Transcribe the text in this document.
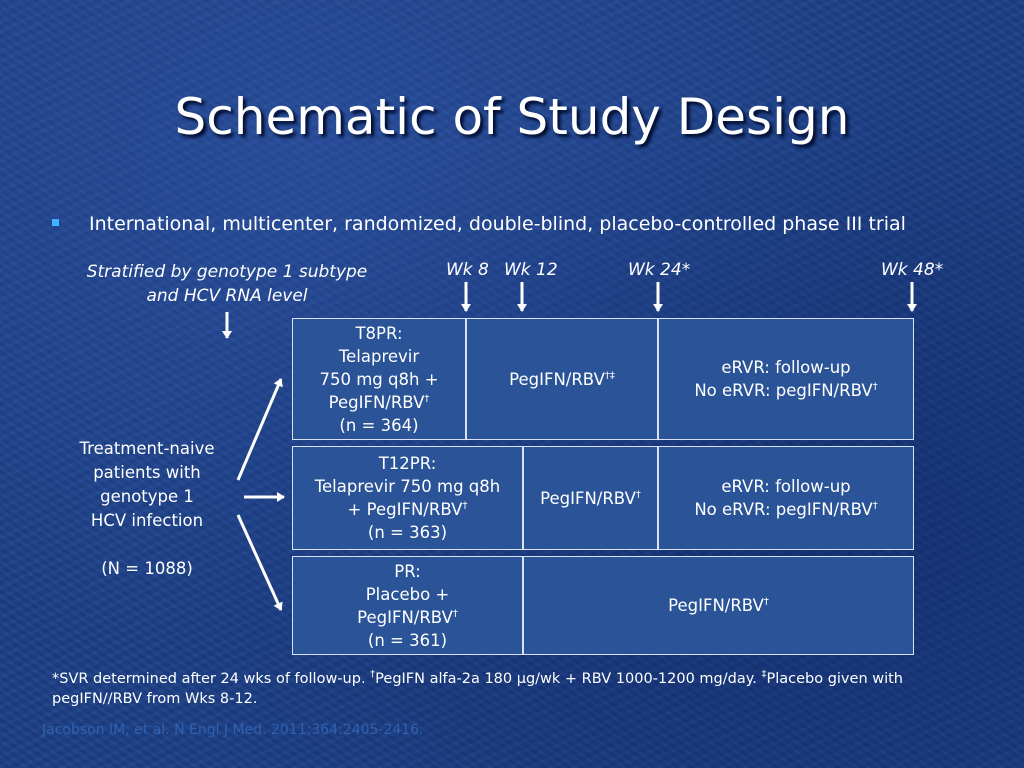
Schematic of Study Design
International, multicenter, randomized, double-blind, placebo-controlled phase III trial
Stratified by genotype 1 subtype
and HCV RNA level
Wk 8 Wk 12	Wk 24*	Wk 48*
Treatment-naive
patients with
genotype 1
HCV infection
(N = 1088)
T8PR:
Telaprevir
750 mg q8h +
PegIFN/RBV†
(n = 364)
PegIFN/RBV†‡	eRVR: follow-up
No eRVR: pegIFN/RBV†
T12PR:
Telaprevir 750 mg q8h
+ PegIFN/RBV†
(n = 363)
PegIFN/RBV†	eRVR: follow-up
No eRVR: pegIFN/RBV†
PR:
Placebo +
PegIFN/RBV†
(n = 361)
PegIFN/RBV†
*SVR determined after 24 wks of follow-up. †PegIFN alfa-2a 180 µg/wk + RBV 1000-1200 mg/day. ‡Placebo given with pegIFN//RBV from Wks 8-12.
Jacobson IM, et al. N Engl J Med. 2011;364:2405-2416.
